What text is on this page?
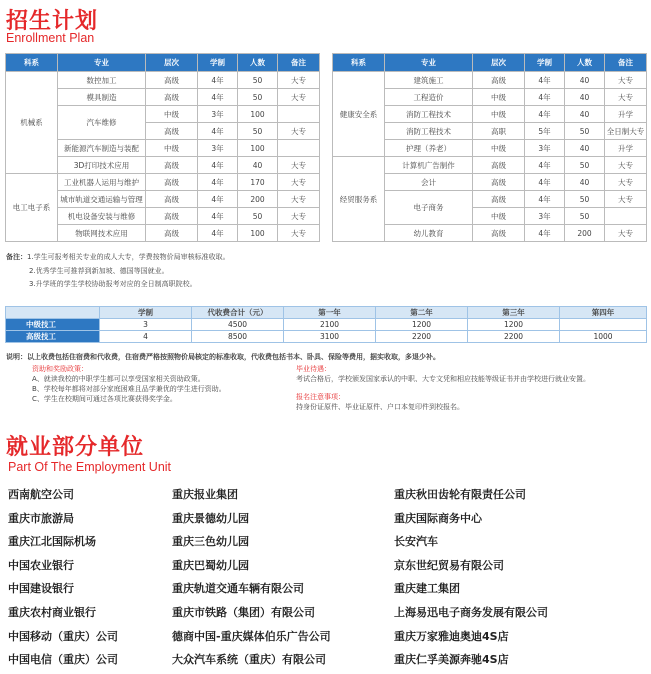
招生计划
Enrollment Plan
科系	专业	层次	学制	人数	备注
机械系	数控加工	高级	4年	50	大专
	模具制造	高级	4年	50	大专
	汽车维修	中级	3年	100	
		高级	4年	50	大专
	新能源汽车制造与装配	中级	3年	100	
	3D打印技术应用	高级	4年	40	大专
电工电子系	工业机器人运用与维护	高级	4年	170	大专
	城市轨道交通运输与管理	高级	4年	200	大专
	机电设备安装与维修	高级	4年	50	大专
	物联网技术应用	高级	4年	100	大专
科系	专业	层次	学制	人数	备注
健康安全系	建筑施工	高级	4年	40	大专
	工程造价	中级	4年	40	大专
	消防工程技术	中级	4年	40	升学
	消防工程技术	高职	5年	50	全日制大专
	护理（养老）	中级	3年	40	升学
经贸服务系	计算机广告制作	高级	4年	50	大专
	会计	高级	4年	40	大专
	电子商务	高级	4年	50	大专
		中级	3年	50	
	幼儿教育	高级	4年	200	大专
备注：1.学生可报考相关专业的成人大专，学费按物价局审核标准收取。
2.优秀学生可推荐到新加坡、德国等国就业。
3.升学班的学生学校协助报考对应的全日制高职院校。
	学制	代收费合计（元）	第一年	第二年	第三年	第四年
中级技工	3	4500	2100	1200	1200	
高级技工	4	8500	3100	2200	2200	1000
说明：以上收费包括住宿费和代收费，住宿费严格按照物价局核定的标准收取，代收费包括书本、卧具、保险等费用，据实收取，多退少补。
资助和奖励政策：
A、就读我校的中职学生都可以享受国家相关资助政策。
B、学校每年都将对部分家庭困难且品学兼优的学生进行资助。
C、学生在校期间可通过各项比赛获得奖学金。
毕业待遇：
考试合格后，学校颁发国家承认的中职、大专文凭和相应技能等级证书并由学校进行就业安置。
报名注意事项：
持身份证原件、毕业证原件、户口本复印件到校报名。
就业部分单位
Part Of The Employment Unit
西南航空公司	重庆报业集团	重庆秋田齿轮有限责任公司
重庆市旅游局	重庆景德幼儿园	重庆国际商务中心
重庆江北国际机场	重庆三色幼儿园	长安汽车
中国农业银行	重庆巴蜀幼儿园	京东世纪贸易有限公司
中国建设银行	重庆轨道交通车辆有限公司	重庆建工集团
重庆农村商业银行	重庆市铁路（集团）有限公司	上海易迅电子商务发展有限公司
中国移动（重庆）公司	德商中国-重庆媒体伯乐广告公司	重庆万家雅迪奥迪4S店
中国电信（重庆）公司	大众汽车系统（重庆）有限公司	重庆仁孚美源奔驰4S店
